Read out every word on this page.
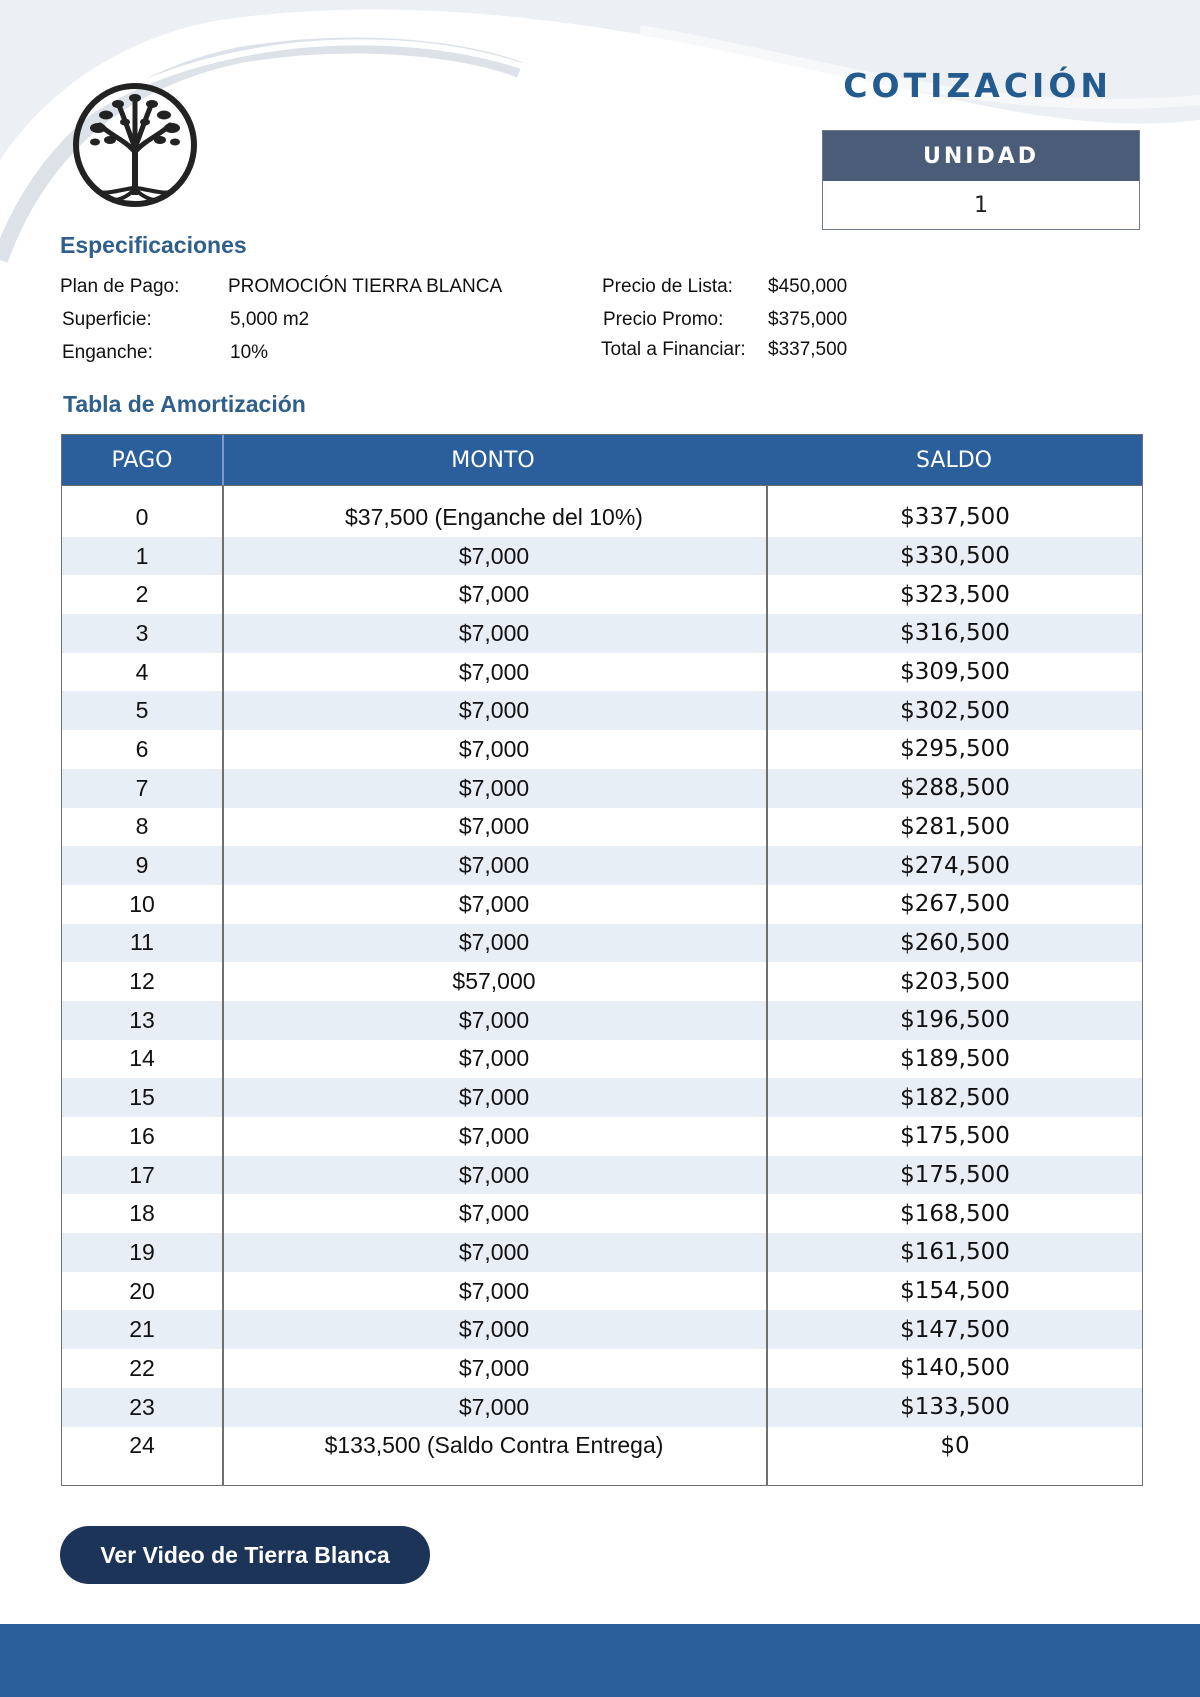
COTIZACIÓN
UNIDAD
1
Especificaciones
Plan de Pago:	PROMOCIÓN TIERRA BLANCA
Superficie:	5,000 m2
Enganche:	10%
Precio de Lista: $450,000
Precio Promo: $375,000
Total a Financiar: $337,500
Tabla de Amortización
PAGO	MONTO	SALDO
0	$37,500 (Enganche del 10%)	$337,500
1	$7,000	$330,500
2	$7,000	$323,500
3	$7,000	$316,500
4	$7,000	$309,500
5	$7,000	$302,500
6	$7,000	$295,500
7	$7,000	$288,500
8	$7,000	$281,500
9	$7,000	$274,500
10	$7,000	$267,500
11	$7,000	$260,500
12	$57,000	$203,500
13	$7,000	$196,500
14	$7,000	$189,500
15	$7,000	$182,500
16	$7,000	$175,500
17	$7,000	$175,500
18	$7,000	$168,500
19	$7,000	$161,500
20	$7,000	$154,500
21	$7,000	$147,500
22	$7,000	$140,500
23	$7,000	$133,500
24	$133,500 (Saldo Contra Entrega)	$0
Ver Video de Tierra Blanca
